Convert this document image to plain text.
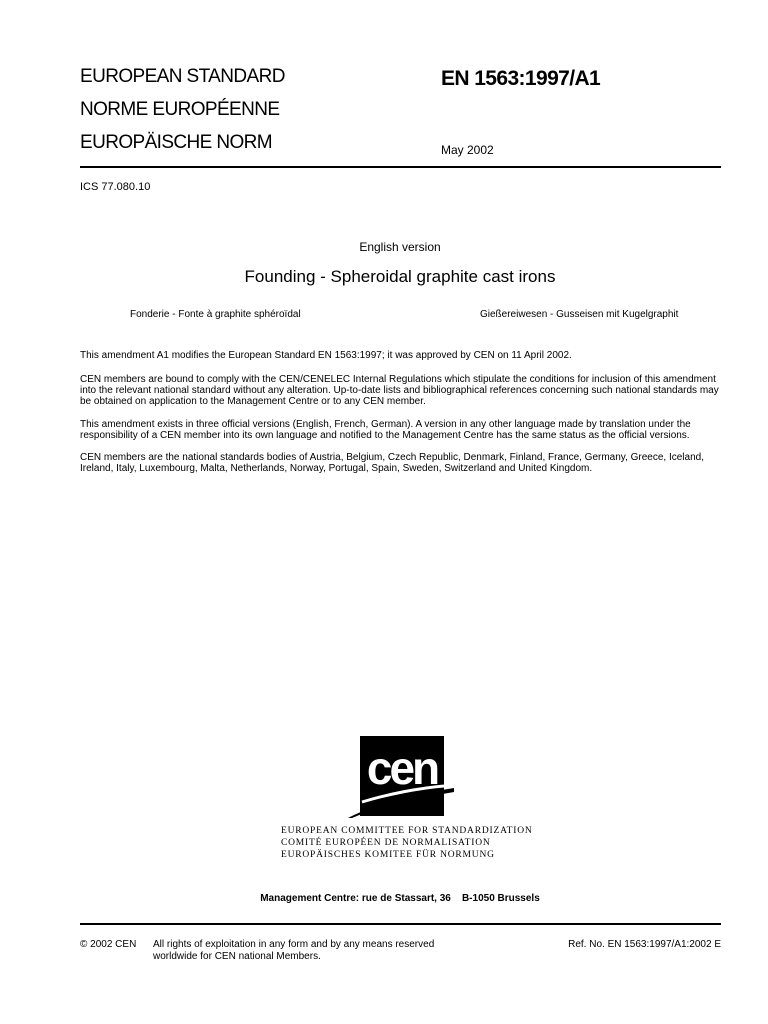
EUROPEAN STANDARD
NORME EUROPÉENNE
EUROPÄISCHE NORM
EN 1563:1997/A1
May 2002
ICS 77.080.10
English version
Founding - Spheroidal graphite cast irons
Fonderie - Fonte à graphite sphéroïdal	Gießereiwesen - Gusseisen mit Kugelgraphit
This amendment A1 modifies the European Standard EN 1563:1997; it was approved by CEN on 11 April 2002.
CEN members are bound to comply with the CEN/CENELEC Internal Regulations which stipulate the conditions for inclusion of this amendment into the relevant national standard without any alteration. Up-to-date lists and bibliographical references concerning such national standards may be obtained on application to the Management Centre or to any CEN member.
This amendment exists in three official versions (English, French, German). A version in any other language made by translation under the responsibility of a CEN member into its own language and notified to the Management Centre has the same status as the official versions.
CEN members are the national standards bodies of Austria, Belgium, Czech Republic, Denmark, Finland, France, Germany, Greece, Iceland, Ireland, Italy, Luxembourg, Malta, Netherlands, Norway, Portugal, Spain, Sweden, Switzerland and United Kingdom.
cen
EUROPEAN COMMITTEE FOR STANDARDIZATION
COMITÉ EUROPÉEN DE NORMALISATION
EUROPÄISCHES KOMITEE FÜR NORMUNG
Management Centre: rue de Stassart, 36    B-1050 Brussels
© 2002 CEN All rights of exploitation in any form and by any means reserved worldwide for CEN national Members.
Ref. No. EN 1563:1997/A1:2002 E
